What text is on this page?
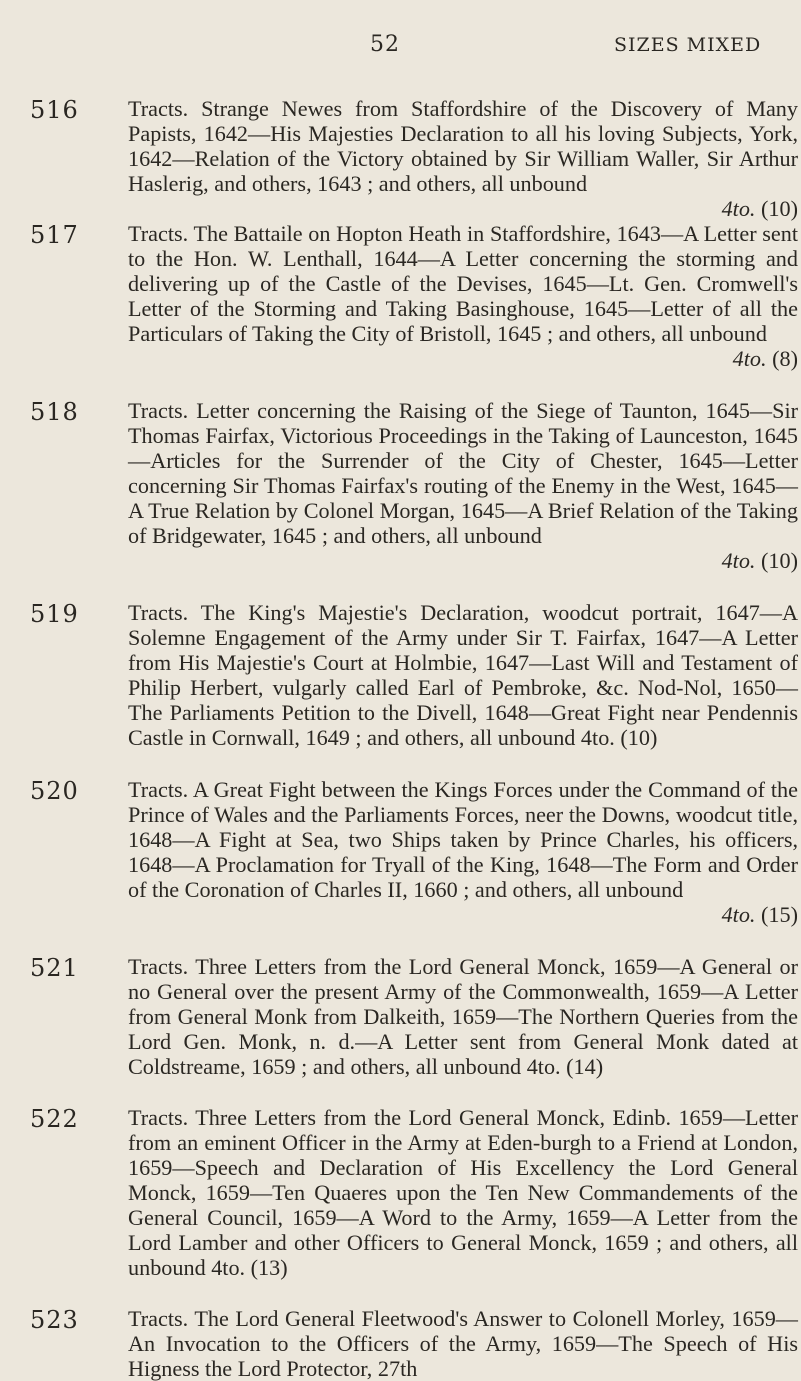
52	SIZES MIXED
516 Tracts. Strange Newes from Staffordshire of the Discovery of Many Papists, 1642—His Majesties Declaration to all his loving Subjects, York, 1642—Relation of the Victory obtained by Sir William Waller, Sir Arthur Haslerig, and others, 1643 ; and others, all unbound

4to. (10)
517 Tracts. The Battaile on Hopton Heath in Staffordshire, 1643—A Letter sent to the Hon. W. Lenthall, 1644—A Letter concerning the storming and delivering up of the Castle of the Devises, 1645—Lt. Gen. Cromwell's Letter of the Storming and Taking Basinghouse, 1645—Letter of all the Particulars of Taking the City of Bristoll, 1645 ; and others, all unbound

4to. (8)
518 Tracts. Letter concerning the Raising of the Siege of Taunton, 1645—Sir Thomas Fairfax, Victorious Proceedings in the Taking of Launceston, 1645—Articles for the Surrender of the City of Chester, 1645—Letter concerning Sir Thomas Fairfax's routing of the Enemy in the West, 1645—A True Relation by Colonel Morgan, 1645—A Brief Relation of the Taking of Bridgewater, 1645 ; and others, all unbound

4to. (10)
519 Tracts. The King's Majestie's Declaration, woodcut portrait, 1647—A Solemne Engagement of the Army under Sir T. Fairfax, 1647—A Letter from His Majestie's Court at Holmbie, 1647—Last Will and Testament of Philip Herbert, vulgarly called Earl of Pembroke, &c. Nod-Nol, 1650—The Parliaments Petition to the Divell, 1648—Great Fight near Pendennis Castle in Cornwall, 1649 ; and others, all unbound 4to. (10)

520 Tracts. A Great Fight between the Kings Forces under the Command of the Prince of Wales and the Parliaments Forces, neer the Downs, woodcut title, 1648—A Fight at Sea, two Ships taken by Prince Charles, his officers, 1648—A Proclamation for Tryall of the King, 1648—The Form and Order of the Coronation of Charles II, 1660 ; and others, all unbound

4to. (15)
521 Tracts. Three Letters from the Lord General Monck, 1659—A General or no General over the present Army of the Commonwealth, 1659—A Letter from General Monk from Dalkeith, 1659—The Northern Queries from the Lord Gen. Monk, n. d.—A Letter sent from General Monk dated at Coldstreame, 1659 ; and others, all unbound 4to. (14)

522 Tracts. Three Letters from the Lord General Monck, Edinb. 1659—Letter from an eminent Officer in the Army at Eden-burgh to a Friend at London, 1659—Speech and Declaration of His Excellency the Lord General Monck, 1659—Ten Quaeres upon the Ten New Commandements of the General Council, 1659—A Word to the Army, 1659—A Letter from the Lord Lamber and other Officers to General Monck, 1659 ; and others, all unbound 4to. (13)

523 Tracts. The Lord General Fleetwood's Answer to Colonell Morley, 1659—An Invocation to the Officers of the Army, 1659—The Speech of His Higness the Lord Protector, 27th
